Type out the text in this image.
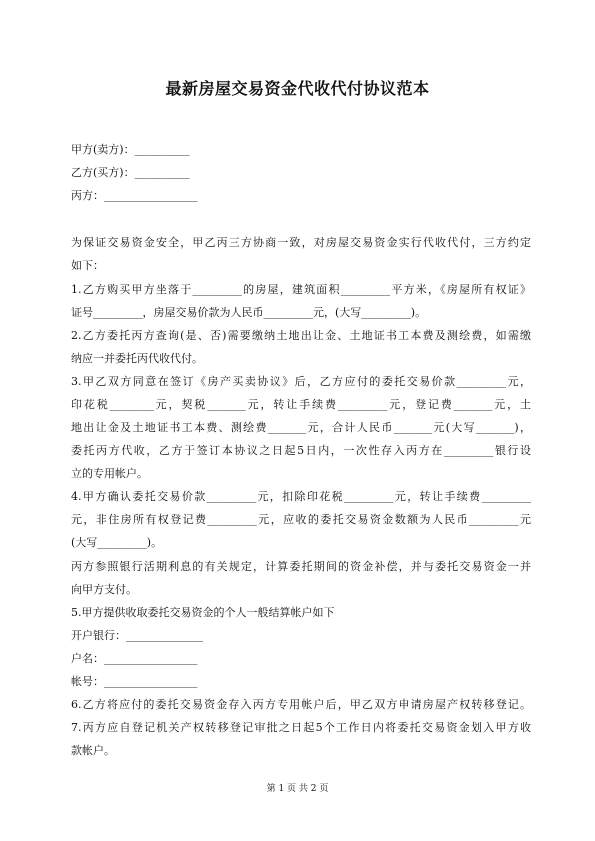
最新房屋交易资金代收代付协议范本
甲方(卖方)：__________
乙方(买方)：__________
丙方：_________________
为保证交易资金安全，甲乙丙三方协商一致，对房屋交易资金实行代收代付，三方约定
如下：
1.乙方购买甲方坐落于_________的房屋，建筑面积_________平方米，《房屋所有权证》
证号_________，房屋交易价款为人民币_________元，(大写_________)。
2.乙方委托丙方查询(是、否)需要缴纳土地出让金、土地证书工本费及测绘费，如需缴
纳应一并委托丙代收代付。
3.甲乙双方同意在签订《房产买卖协议》后，乙方应付的委托交易价款_________元，
印花税________元，契税_______元，转让手续费_________元，登记费_______元，土
地出让金及土地证书工本费、测绘费_______元，合计人民币_______元(大写_______)，
委托丙方代收，乙方于签订本协议之日起5日内，一次性存入丙方在_________银行设
立的专用帐户。
4.甲方确认委托交易价款_________元，扣除印花税_________元，转让手续费_________
元，非住房所有权登记费_________元，应收的委托交易资金数额为人民币_________元
(大写_________)。
丙方参照银行活期利息的有关规定，计算委托期间的资金补偿，并与委托交易资金一并
向甲方支付。
5.甲方提供收取委托交易资金的个人一般结算帐户如下
开户银行：______________
户名：_________________
帐号：_________________
6.乙方将应付的委托交易资金存入丙方专用帐户后，甲乙双方申请房屋产权转移登记。
7.丙方应自登记机关产权转移登记审批之日起5个工作日内将委托交易资金划入甲方收
款帐户。
第 1 页 共 2 页
